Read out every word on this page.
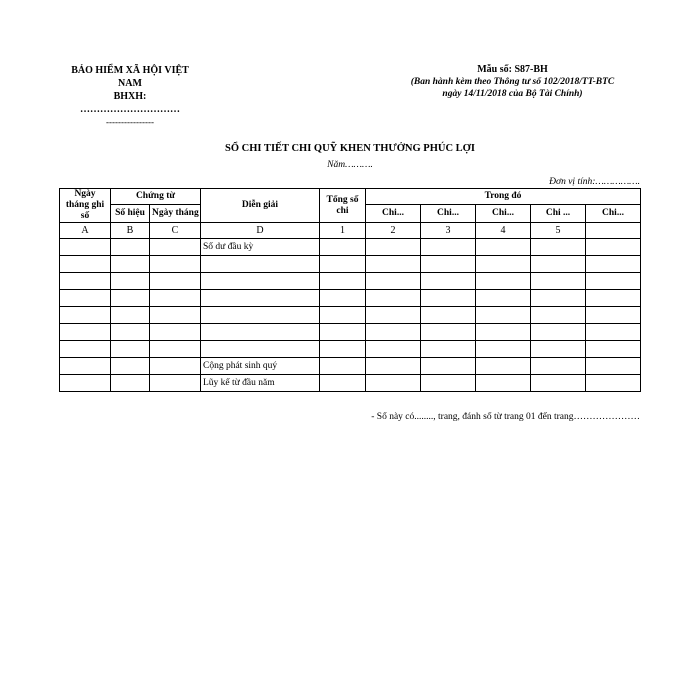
BẢO HIỂM XÃ HỘI VIỆT NAM
BHXH:
…………………………
----------------
Mẫu số: S87-BH
(Ban hành kèm theo Thông tư số 102/2018/TT-BTC ngày 14/11/2018 của Bộ Tài Chính)
SỔ CHI TIẾT CHI QUỸ KHEN THƯỞNG PHÚC LỢI
Năm……….
Đơn vị tính:…………….
Ngày tháng ghi số	Chứng từ		Diễn giải	Tổng số chi	Trong đó				
	Số hiệu	Ngày tháng			Chi...	Chi...	Chi...	Chi ...	Chi...
A	B	C	D	1	2	3	4	5	
			Số dư đầu kỳ						

			Cộng phát sinh quý						
			Lũy kế từ đầu năm						
- Sổ này có........, trang, đánh số từ trang 01 đến trang…………………
